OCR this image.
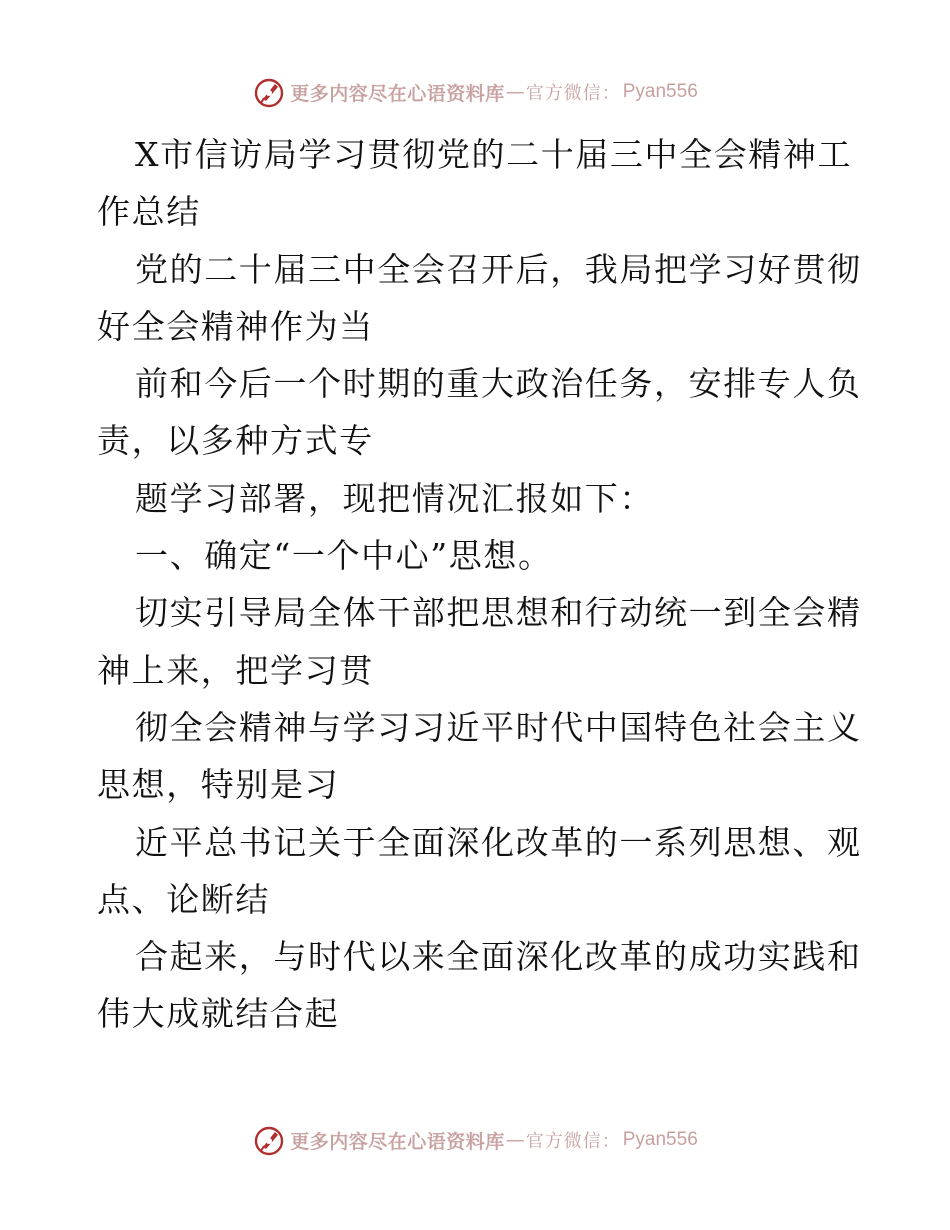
更多内容尽在心语资料库 — 官方微信： Pyan556
X市信访局学习贯彻党的二十届三中全会精神工
作总结
党的二十届三中全会召开后，我局把学习好贯彻
好全会精神作为当
前和今后一个时期的重大政治任务，安排专人负
责，以多种方式专
题学习部署，现把情况汇报如下：
一、确定“一个中心”思想。
切实引导局全体干部把思想和行动统一到全会精
神上来，把学习贯
彻全会精神与学习习近平时代中国特色社会主义
思想，特别是习
近平总书记关于全面深化改革的一系列思想、观
点、论断结
合起来，与时代以来全面深化改革的成功实践和
伟大成就结合起
更多内容尽在心语资料库 — 官方微信： Pyan556
